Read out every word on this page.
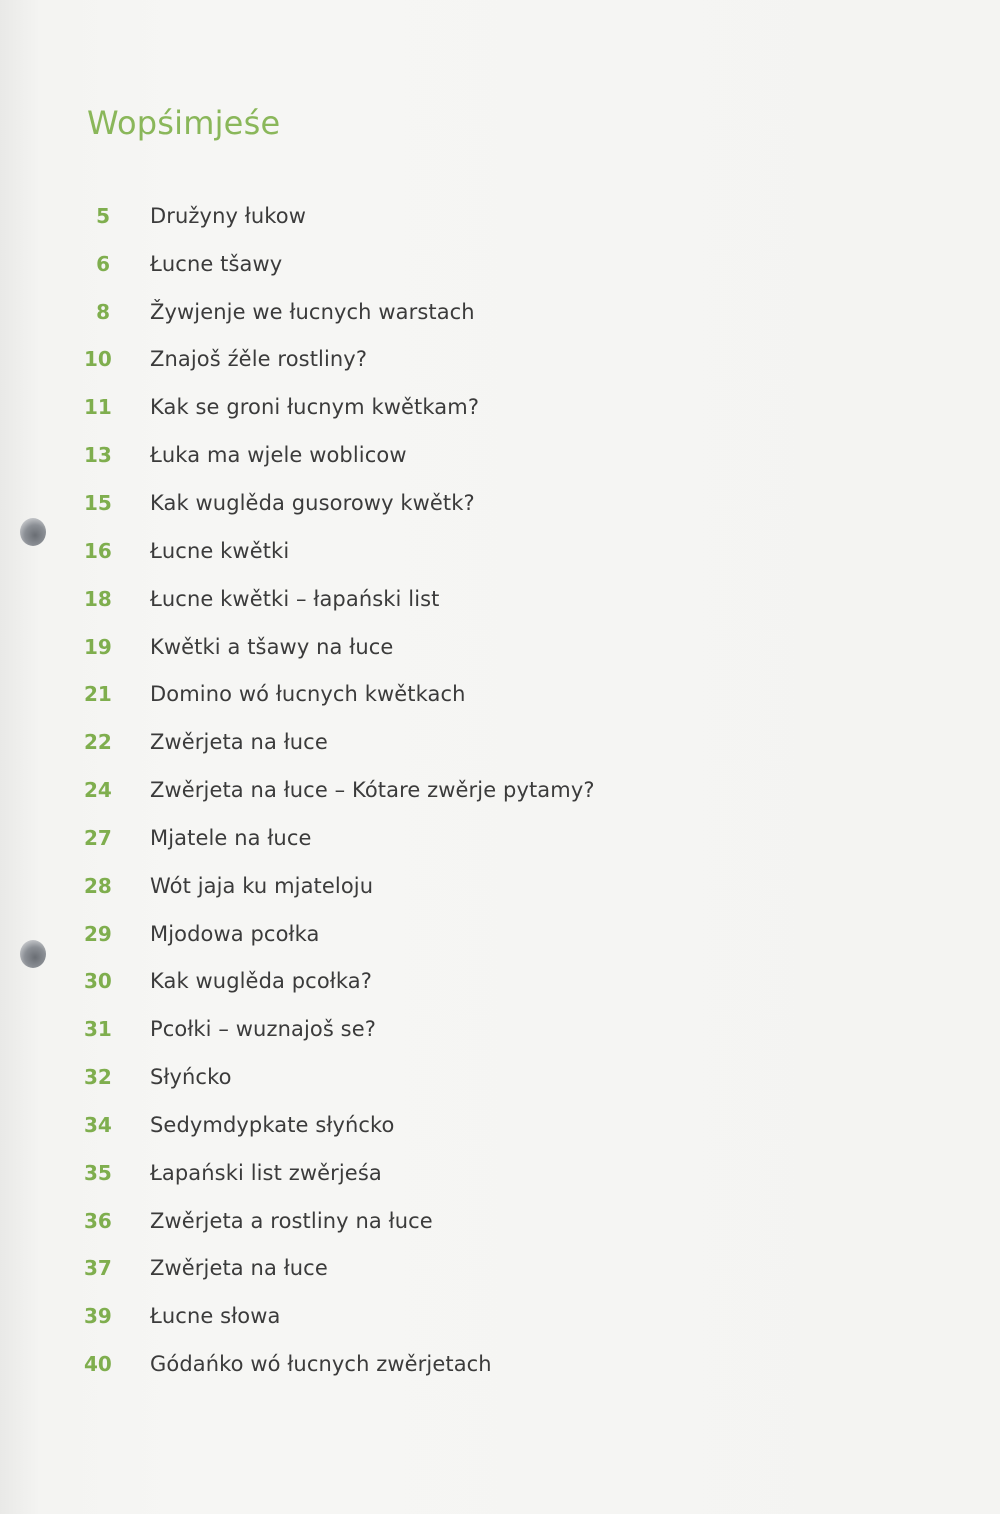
Wopśimjeśe
5	Družyny łukow
6	Łucne tšawy
8	Žywjenje we łucnych warstach
10	Znajoš źěle rostliny?
11	Kak se groni łucnym kwětkam?
13	Łuka ma wjele woblicow
15	Kak wuglěda gusorowy kwětk?
16	Łucne kwětki
18	Łucne kwětki – łapański list
19	Kwětki a tšawy na łuce
21	Domino wó łucnych kwětkach
22	Zwěrjeta na łuce
24	Zwěrjeta na łuce – Kótare zwěrje pytamy?
27	Mjatele na łuce
28	Wót jaja ku mjateloju
29	Mjodowa pcołka
30	Kak wuglěda pcołka?
31	Pcołki – wuznajoš se?
32	Słyńcko
34	Sedymdypkate słyńcko
35	Łapański list zwěrjeśa
36	Zwěrjeta a rostliny na łuce
37	Zwěrjeta na łuce
39	Łucne słowa
40	Gódańko wó łucnych zwěrjetach
